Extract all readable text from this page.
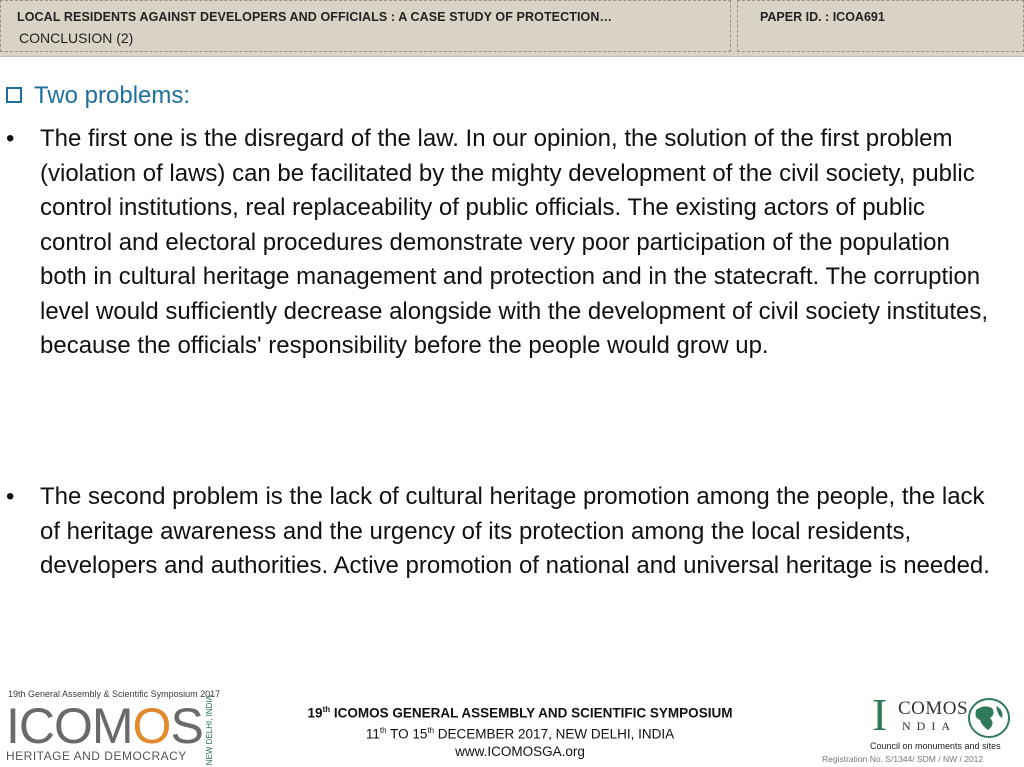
LOCAL RESIDENTS AGAINST DEVELOPERS AND OFFICIALS : A CASE STUDY OF PROTECTION…
CONCLUSION (2)
PAPER ID. : ICOA691
Two problems:
•	The first one is the disregard of the law. In our opinion, the solution of the first problem (violation of laws) can be facilitated by the mighty development of the civil society, public control institutions, real replaceability of public officials. The existing actors of public control and electoral procedures demonstrate very poor participation of the population both in cultural heritage management and protection and in the statecraft. The corruption level would sufficiently decrease alongside with the development of civil society institutes, because the officials' responsibility before the people would grow up.
•	The second problem is the lack of cultural heritage promotion among the people, the lack of heritage awareness and the urgency of its protection among the local residents, developers and authorities. Active promotion of national and universal heritage is needed.
19th General Assembly & Scientific Symposium 2017
ICOMOS
HERITAGE AND DEMOCRACY NEW DELHI, INDIA	19th ICOMOS GENERAL ASSEMBLY AND SCIENTIFIC SYMPOSIUM
11th TO 15th DECEMBER 2017, NEW DELHI, INDIA
www.ICOMOSGA.org
I COMOS
NDIA
Council on monuments and sites
Registration No. S/1344/ SDM / NW / 2012
